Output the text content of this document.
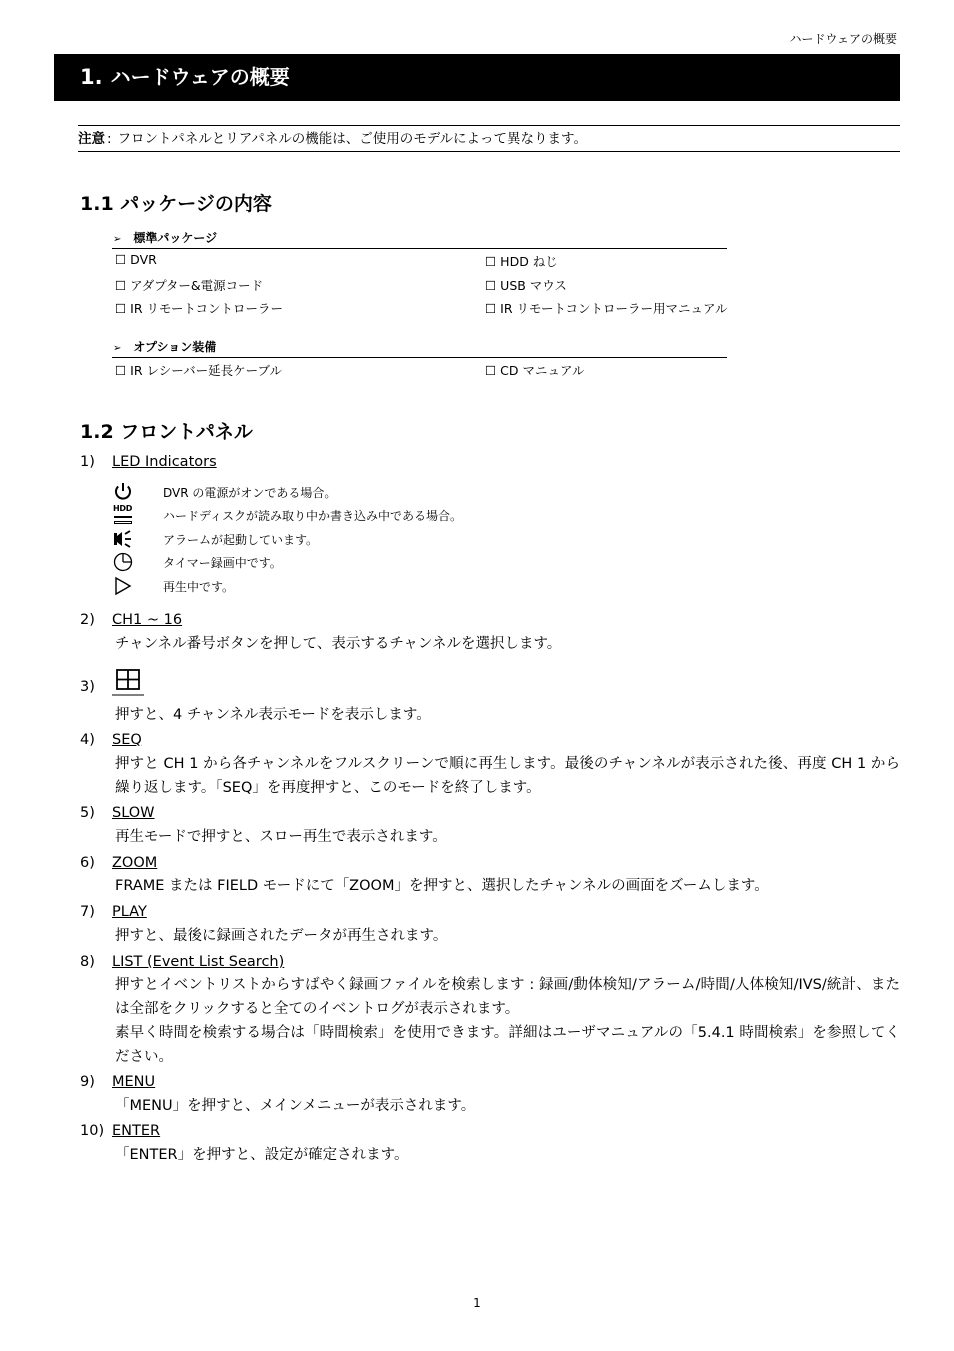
ハードウェアの概要
1. ハードウェアの概要
注意 : フロントパネルとリアパネルの機能は、ご使用のモデルによって異なります。
1.1 パッケージの内容
➢ 標準パッケージ
☐ DVR	☐ HDD ねじ
☐ アダプター&電源コード	☐ USB マウス
☐ IR リモートコントローラー	☐ IR リモートコントローラー用マニュアル
➢ オプション装備
☐ IR レシーバー延長ケーブル	☐ CD マニュアル
1.2 フロントパネル
1) LED Indicators
DVR の電源がオンである場合。
HDD
ハードディスクが読み取り中か書き込み中である場合。
アラームが起動しています。
タイマー録画中です。
再生中です。
2) CH1 ~ 16
チャンネル番号ボタンを押して、表示するチャンネルを選択します。
3)
押すと、4 チャンネル表示モードを表示します。
4) SEQ
押すと CH 1 から各チャンネルをフルスクリーンで順に再生します。最後のチャンネルが表示された後、再度 CH 1 から繰り返します。「SEQ」を再度押すと、このモードを終了します。
5) SLOW
再生モードで押すと、スロー再生で表示されます。
6) ZOOM
FRAME または FIELD モードにて「ZOOM」を押すと、選択したチャンネルの画面をズームします。
7) PLAY
押すと、最後に録画されたデータが再生されます。
8) LIST (Event List Search)
押すとイベントリストからすばやく録画ファイルを検索します : 録画/動体検知/アラーム/時間/人体検知/IVS/統計、または全部をクリックすると全てのイベントログが表示されます。
素早く時間を検索する場合は「時間検索」を使用できます。詳細はユーザマニュアルの「5.4.1 時間検索」を参照してください。
9) MENU
「MENU」を押すと、メインメニューが表示されます。
10) ENTER
「ENTER」を押すと、設定が確定されます。
1
